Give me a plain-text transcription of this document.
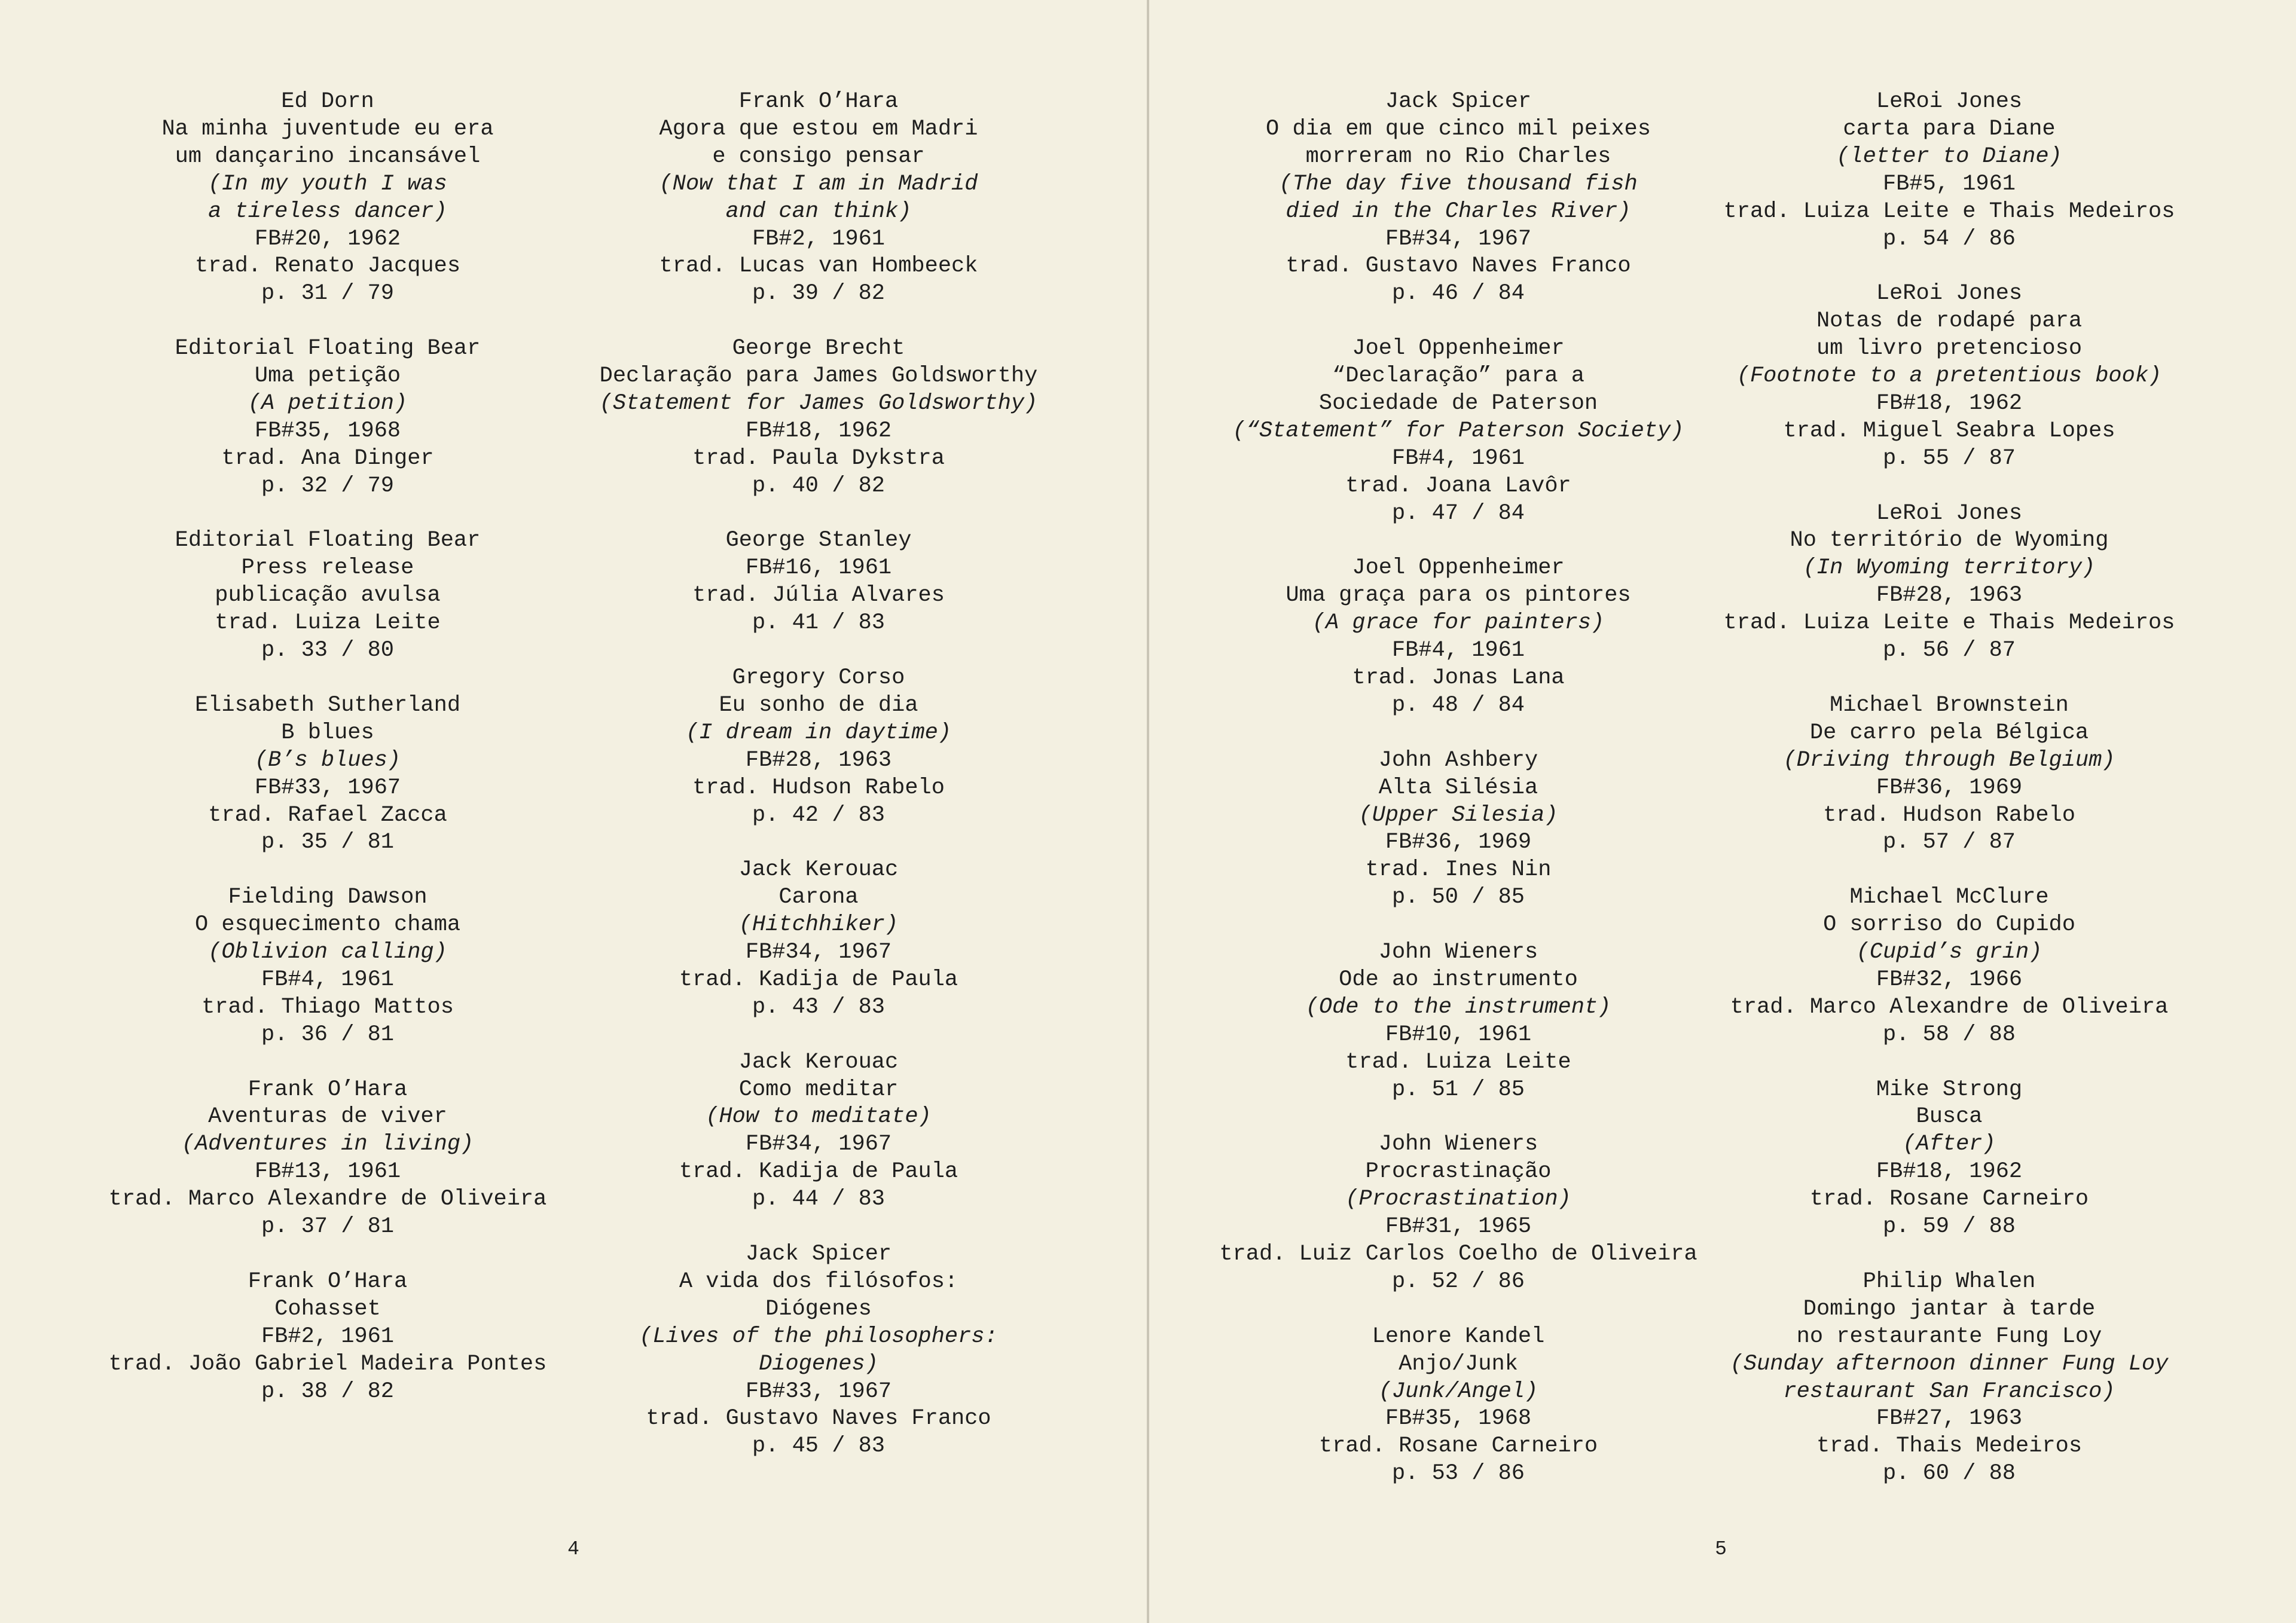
Ed Dorn
Na minha juventude eu era
um dançarino incansável
(In my youth I was
a tireless dancer)
FB#20, 1962
trad. Renato Jacques
p. 31 / 79
Editorial Floating Bear
Uma petição
(A petition)
FB#35, 1968
trad. Ana Dinger
p. 32 / 79
Editorial Floating Bear
Press release
publicação avulsa
trad. Luiza Leite
p. 33 / 80
Elisabeth Sutherland
B blues
(B’s blues)
FB#33, 1967
trad. Rafael Zacca
p. 35 / 81
Fielding Dawson
O esquecimento chama
(Oblivion calling)
FB#4, 1961
trad. Thiago Mattos
p. 36 / 81
Frank O’Hara
Aventuras de viver
(Adventures in living)
FB#13, 1961
trad. Marco Alexandre de Oliveira
p. 37 / 81
Frank O’Hara
Cohasset
FB#2, 1961
trad. João Gabriel Madeira Pontes
p. 38 / 82
Frank O’Hara
Agora que estou em Madri
e consigo pensar
(Now that I am in Madrid
and can think)
FB#2, 1961
trad. Lucas van Hombeeck
p. 39 / 82
George Brecht
Declaração para James Goldsworthy
(Statement for James Goldsworthy)
FB#18, 1962
trad. Paula Dykstra
p. 40 / 82
George Stanley
FB#16, 1961
trad. Júlia Alvares
p. 41 / 83
Gregory Corso
Eu sonho de dia
(I dream in daytime)
FB#28, 1963
trad. Hudson Rabelo
p. 42 / 83
Jack Kerouac
Carona
(Hitchhiker)
FB#34, 1967
trad. Kadija de Paula
p. 43 / 83
Jack Kerouac
Como meditar
(How to meditate)
FB#34, 1967
trad. Kadija de Paula
p. 44 / 83
Jack Spicer
A vida dos filósofos:
Diógenes
(Lives of the philosophers:
Diogenes)
FB#33, 1967
trad. Gustavo Naves Franco
p. 45 / 83
4
Jack Spicer
O dia em que cinco mil peixes
morreram no Rio Charles
(The day five thousand fish
died in the Charles River)
FB#34, 1967
trad. Gustavo Naves Franco
p. 46 / 84
Joel Oppenheimer
“Declaração” para a
Sociedade de Paterson
(“Statement” for Paterson Society)
FB#4, 1961
trad. Joana Lavôr
p. 47 / 84
Joel Oppenheimer
Uma graça para os pintores
(A grace for painters)
FB#4, 1961
trad. Jonas Lana
p. 48 / 84
John Ashbery
Alta Silésia
(Upper Silesia)
FB#36, 1969
trad. Ines Nin
p. 50 / 85
John Wieners
Ode ao instrumento
(Ode to the instrument)
FB#10, 1961
trad. Luiza Leite
p. 51 / 85
John Wieners
Procrastinação
(Procrastination)
FB#31, 1965
trad. Luiz Carlos Coelho de Oliveira
p. 52 / 86
Lenore Kandel
Anjo/Junk
(Junk/Angel)
FB#35, 1968
trad. Rosane Carneiro
p. 53 / 86
LeRoi Jones
carta para Diane
(letter to Diane)
FB#5, 1961
trad. Luiza Leite e Thais Medeiros
p. 54 / 86
LeRoi Jones
Notas de rodapé para
um livro pretencioso
(Footnote to a pretentious book)
FB#18, 1962
trad. Miguel Seabra Lopes
p. 55 / 87
LeRoi Jones
No território de Wyoming
(In Wyoming territory)
FB#28, 1963
trad. Luiza Leite e Thais Medeiros
p. 56 / 87
Michael Brownstein
De carro pela Bélgica
(Driving through Belgium)
FB#36, 1969
trad. Hudson Rabelo
p. 57 / 87
Michael McClure
O sorriso do Cupido
(Cupid’s grin)
FB#32, 1966
trad. Marco Alexandre de Oliveira
p. 58 / 88
Mike Strong
Busca
(After)
FB#18, 1962
trad. Rosane Carneiro
p. 59 / 88
Philip Whalen
Domingo jantar à tarde
no restaurante Fung Loy
(Sunday afternoon dinner Fung Loy
restaurant San Francisco)
FB#27, 1963
trad. Thais Medeiros
p. 60 / 88
5
